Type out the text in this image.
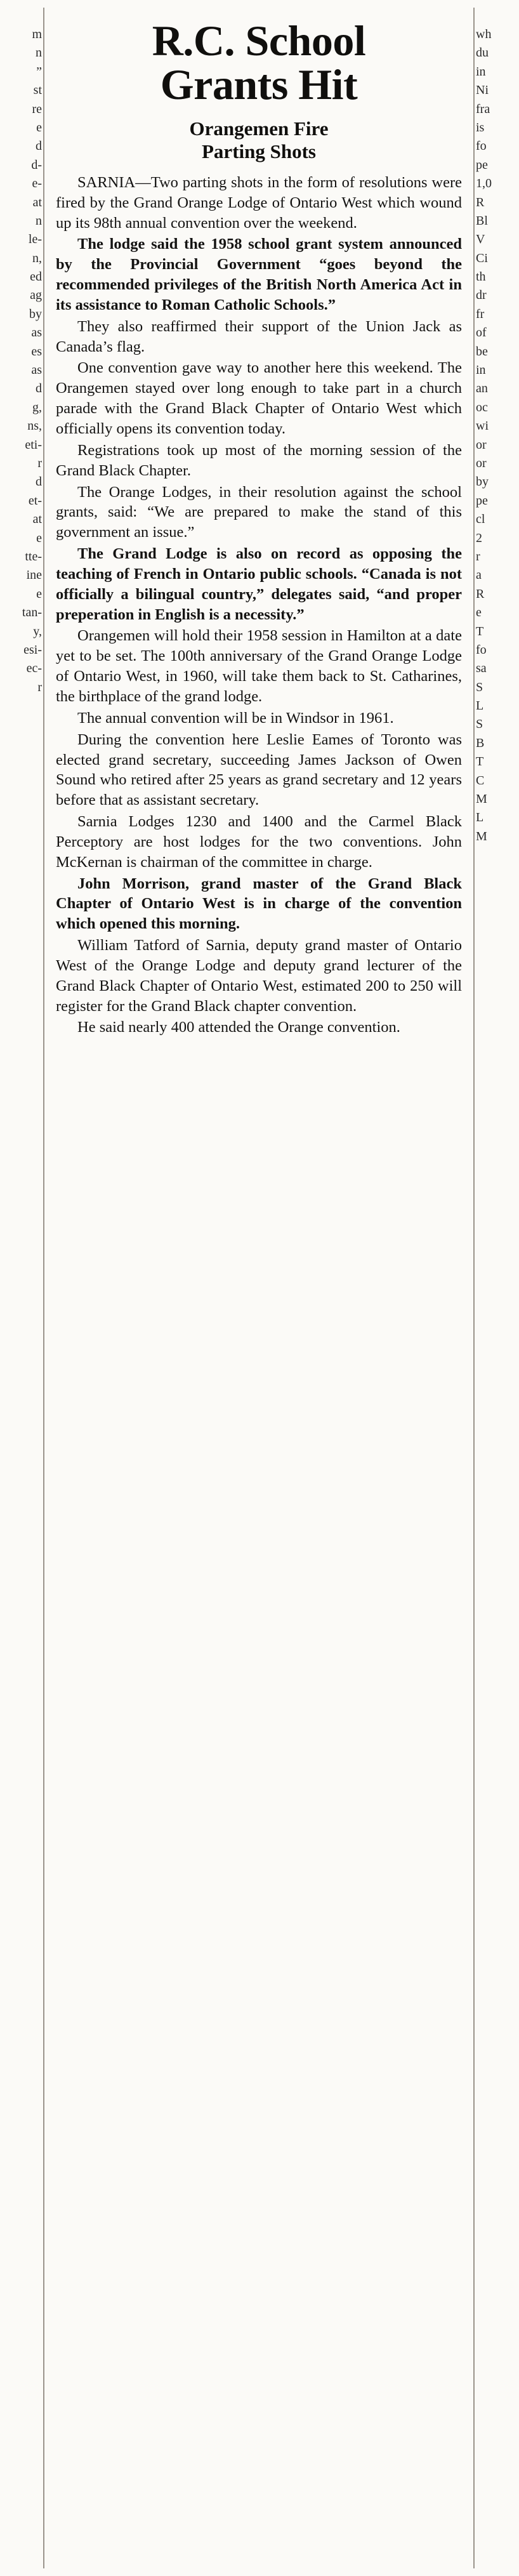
m
n
”
st
re
e
d
d-
e-
at
n
le-
n,
ed
ag
by
as
es
as
d
g,
ns,
eti-
r
d
et-
at
e
tte-
ine
e
tan-
y,
esi-
ec-
r
R.C. School
Grants Hit
Orangemen Fire
Parting Shots

SARNIA—Two parting shots in the form of resolutions were fired by the Grand Orange Lodge of Ontario West which wound up its 98th annual convention over the weekend.

The lodge said the 1958 school grant system announced by the Provincial Government “goes beyond the recommended privileges of the British North America Act in its assistance to Roman Catholic Schools.”

They also reaffirmed their support of the Union Jack as Canada’s flag.

One convention gave way to another here this weekend. The Orangemen stayed over long enough to take part in a church parade with the Grand Black Chapter of Ontario West which officially opens its convention today.

Registrations took up most of the morning session of the Grand Black Chapter.

The Orange Lodges, in their resolution against the school grants, said: “We are prepared to make the stand of this government an issue.”

The Grand Lodge is also on record as opposing the teaching of French in Ontario public schools. “Canada is not officially a bilingual country,” delegates said, “and proper preperation in English is a necessity.”

Orangemen will hold their 1958 session in Hamilton at a date yet to be set. The 100th anniversary of the Grand Orange Lodge of Ontario West, in 1960, will take them back to St. Catharines, the birthplace of the grand lodge.

The annual convention will be in Windsor in 1961.

During the convention here Leslie Eames of Toronto was elected grand secretary, succeeding James Jackson of Owen Sound who retired after 25 years as grand secretary and 12 years before that as assistant secretary.

Sarnia Lodges 1230 and 1400 and the Carmel Black Perceptory are host lodges for the two conventions. John McKernan is chairman of the committee in charge.

John Morrison, grand master of the Grand Black Chapter of Ontario West is in charge of the convention which opened this morning.

William Tatford of Sarnia, deputy grand master of Ontario West of the Orange Lodge and deputy grand lecturer of the Grand Black Chapter of Ontario West, estimated 200 to 250 will register for the Grand Black chapter convention.

He said nearly 400 attended the Orange convention.

wh
du
in
Ni
fra
is
fo
pe
1,0
R
Bl
V
Ci
th
dr
fr
of
be
in
an
oc
wi
or
or
by
pe
cl
2
r
a
R
e
T
fo
sa
S
L
S
B
T
C
M
L
M
